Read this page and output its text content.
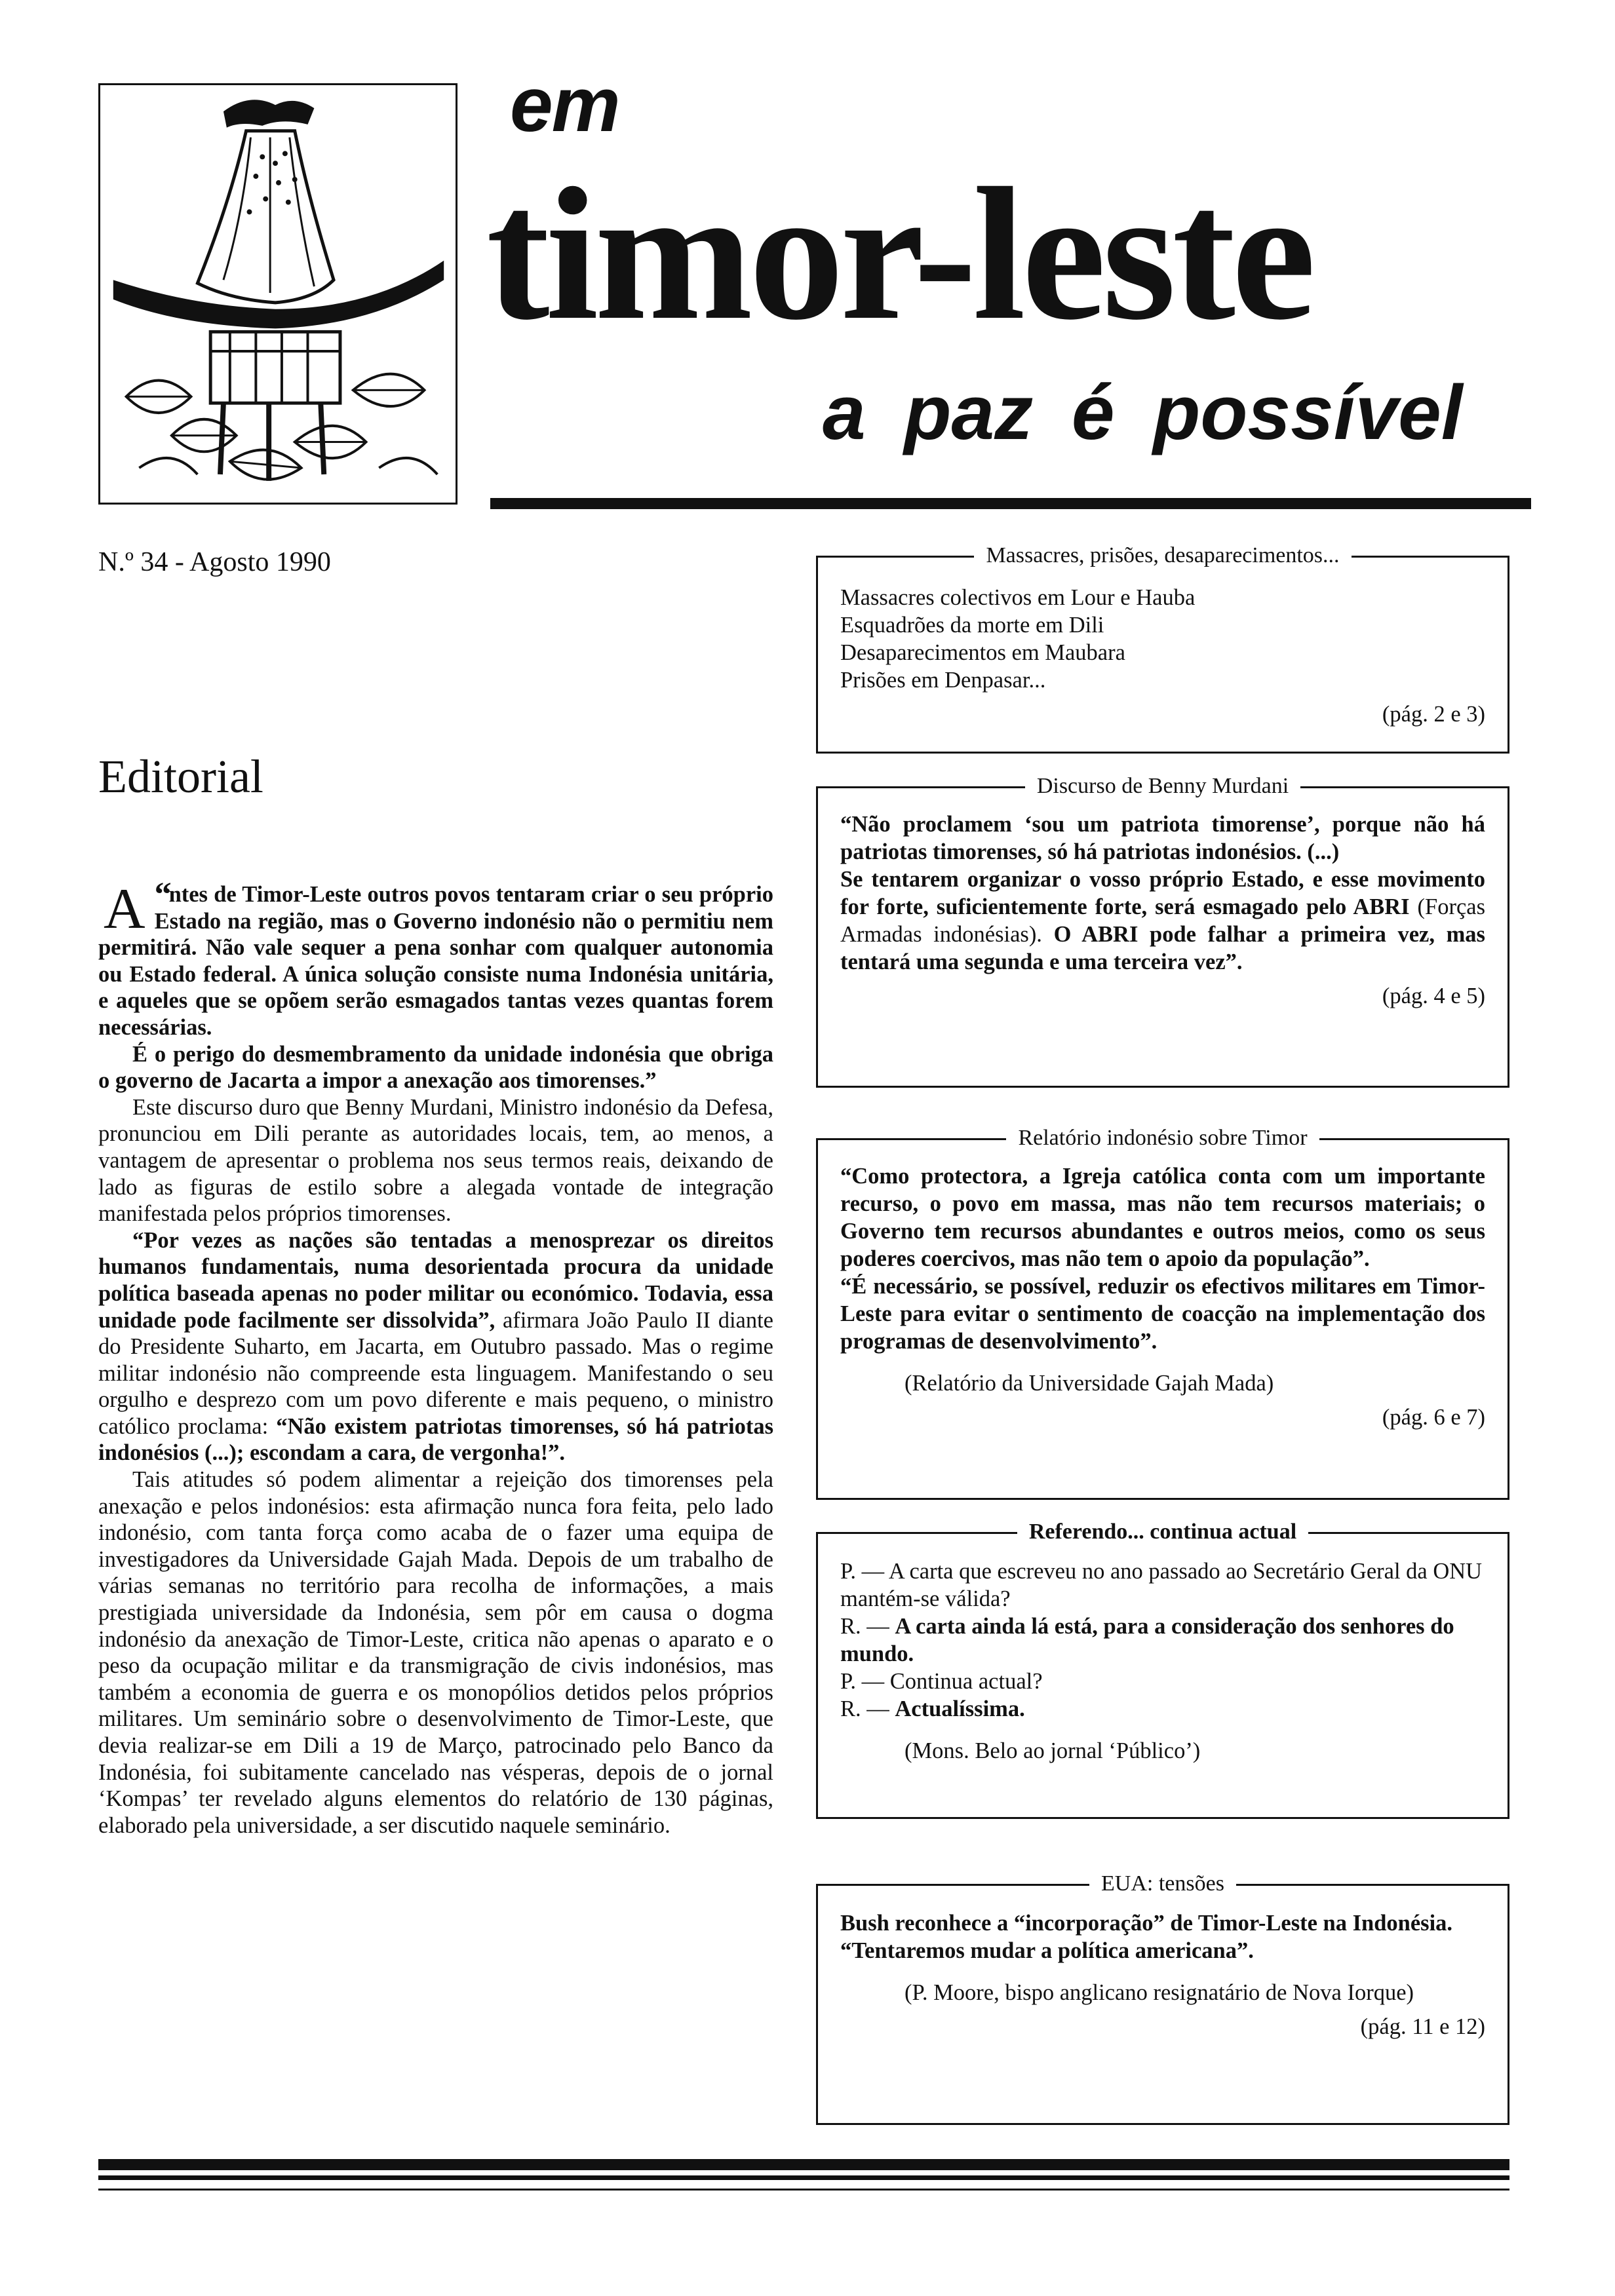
em
timor-leste
a paz é possível
N.º 34 - Agosto 1990
Editorial

“
A ntes de Timor-Leste outros povos tentaram criar o seu próprio Estado na região, mas o Governo indonésio não o permitiu nem permitirá. Não vale sequer a pena sonhar com qualquer autonomia ou Estado federal. A única solução consiste numa Indonésia unitária, e aqueles que se opõem serão esmagados tantas vezes quantas forem necessárias.

É o perigo do desmembramento da unidade indonésia que obriga o governo de Jacarta a impor a anexação aos timorenses.”

Este discurso duro que Benny Murdani, Ministro indonésio da Defesa, pronunciou em Dili perante as autoridades locais, tem, ao menos, a vantagem de apresentar o problema nos seus termos reais, deixando de lado as figuras de estilo sobre a alegada vontade de integração manifestada pelos próprios timorenses.

“Por vezes as nações são tentadas a menosprezar os direitos humanos fundamentais, numa desorientada procura da unidade política baseada apenas no poder militar ou económico. Todavia, essa unidade pode facilmente ser dissolvida”, afirmara João Paulo II diante do Presidente Suharto, em Jacarta, em Outubro passado. Mas o regime militar indonésio não compreende esta linguagem. Manifestando o seu orgulho e desprezo com um povo diferente e mais pequeno, o ministro católico proclama: “Não existem patriotas timorenses, só há patriotas indonésios (...); escondam a cara, de vergonha!”.

Tais atitudes só podem alimentar a rejeição dos timorenses pela anexação e pelos indonésios: esta afirmação nunca fora feita, pelo lado indonésio, com tanta força como acaba de o fazer uma equipa de investigadores da Universidade Gajah Mada. Depois de um trabalho de várias semanas no território para recolha de informações, a mais prestigiada universidade da Indonésia, sem pôr em causa o dogma indonésio da anexação de Timor-Leste, critica não apenas o aparato e o peso da ocupação militar e da transmigração de civis indonésios, mas também a economia de guerra e os monopólios detidos pelos próprios militares. Um seminário sobre o desenvolvimento de Timor-Leste, que devia realizar-se em Dili a 19 de Março, patrocinado pelo Banco da Indonésia, foi subitamente cancelado nas vésperas, depois de o jornal ‘Kompas’ ter revelado alguns elementos do relatório de 130 páginas, elaborado pela universidade, a ser discutido naquele seminário.

Massacres, prisões, desaparecimentos...

Massacres colectivos em Lour e Hauba

Esquadrões da morte em Dili

Desaparecimentos em Maubara

Prisões em Denpasar...

(pág. 2 e 3)

Discurso de Benny Murdani

“Não proclamem ‘sou um patriota timorense’, porque não há patriotas timorenses, só há patriotas indonésios. (...)

Se tentarem organizar o vosso próprio Estado, e esse movimento for forte, suficientemente forte, será esmagado pelo ABRI (Forças Armadas indonésias). O ABRI pode falhar a primeira vez, mas tentará uma segunda e uma terceira vez”.

(pág. 4 e 5)

Relatório indonésio sobre Timor

“Como protectora, a Igreja católica conta com um importante recurso, o povo em massa, mas não tem recursos materiais; o Governo tem recursos abundantes e outros meios, como os seus poderes coercivos, mas não tem o apoio da população”.

“É necessário, se possível, reduzir os efectivos militares em Timor-Leste para evitar o sentimento de coacção na implementação dos programas de desenvolvimento”.

(Relatório da Universidade Gajah Mada)

(pág. 6 e 7)

Referendo... continua actual

P. — A carta que escreveu no ano passado ao Secretário Geral da ONU mantém-se válida?

R. — A carta ainda lá está, para a consideração dos senhores do mundo.

P. — Continua actual?

R. — Actualíssima.

(Mons. Belo ao jornal ‘Público’)

EUA: tensões

Bush reconhece a “incorporação” de Timor-Leste na Indonésia.

“Tentaremos mudar a política americana”.

(P. Moore, bispo anglicano resignatário de Nova Iorque)

(pág. 11 e 12)
